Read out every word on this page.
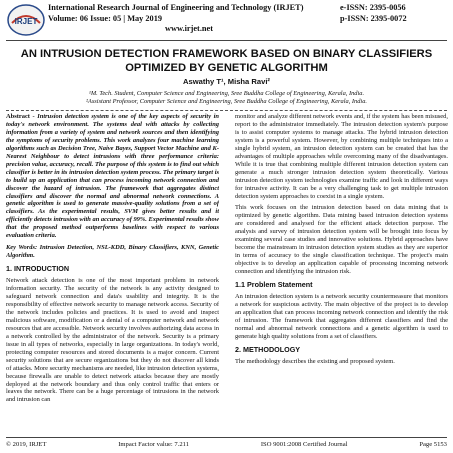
IRJET
International Research Journal of Engineering and Technology (IRJET)
Volume: 06 Issue: 05 | May 2019
www.irjet.net
e-ISSN: 2395-0056
p-ISSN: 2395-0072
AN INTRUSION DETECTION FRAMEWORK BASED ON BINARY CLASSIFIERS OPTIMIZED BY GENETIC ALGORITHM
Aswathy T¹, Misha Ravi²
¹M. Tech. Student, Computer Science and Engineering, Sree Buddha College of Engineering, Kerala, India.
²Assistant Professor, Computer Science and Engineering, Sree Buddha College of Engineering, Kerala, India.

Abstract - Intrusion detection system is one of the key aspects of security in today's network environment. The systems deal with attacks by collecting information from a variety of system and network sources and then identifying the symptoms of security problems. This work analyzes four machine learning algorithms such as Decision Tree, Naive Bayes, Support Vector Machine and K-Nearest Neighbour to detect intrusions with three performance criteria: precision value, accuracy, recall. The purpose of this system is to find out which classifier is better in its intrusion detection system process. The primary target is to build up an application that can process incoming network connection and discover the hazard of intrusion. The framework that aggregates distinct classifiers and discover the normal and abnormal network connections. A genetic algorithm is used to generate massive-quality solutions from a set of classifiers. As the experimental results, SVM gives better results and it efficiently detects intrusion with an accuracy of 99%. Experimental results show that the proposed method outperforms baselines with respect to various evaluation criteria.

Key Words: Intrusion Detection, NSL-KDD, Binary Classifiers, KNN, Genetic Algorithm.

1. INTRODUCTION

Network attack detection is one of the most important problem in network information security. The security of the network is any activity designed to safeguard network connection and data's usability and integrity. It is the responsibility of effective network security to manage network access. Security of the network includes policies and practices. It is used to avoid and inspect malicious software, modification or a denial of a computer network and network resources that are accessible. Network security involves authorizing data access in a network controlled by the administrator of the network. Security is a primary issue in all types of networks, especially in large organizations. In today's world, protecting computer resources and stored documents is a major concern. Current security solutions that are secure organizations but they do not discover all kinds of attacks. More security mechanisms are needed, like intrusion detection systems, because firewalls are unable to detect network attacks because they are mostly deployed at the network boundary and thus only control traffic that enters or leaves the network. There can be a huge percentage of intrusions in the network and intrusion can

monitor and analyze different network events and, if the system has been misused, report to the administrator immediately. The intrusion detection system's purpose is to assist computer systems to manage attacks. The hybrid intrusion detection system is a powerful system. However, by combining multiple techniques into a single hybrid system, an intrusion detection system can be created that has the advantages of multiple approaches while overcoming many of the disadvantages. While it is true that combining multiple different intrusion detection system can generate a much stronger intrusion detection system theoretically. Various intrusion detection system technologies examine traffic and look in different ways for intrusive activity. It can be a very challenging task to get multiple intrusion detection system approaches to coexist in a single system.

This work focuses on the intrusion detection based on data mining that is optimized by genetic algorithm. Data mining based intrusion detection systems are considered and analysed for the efficient attack detection purpose. The analysis and survey of intrusion detection system will be brought into focus by examining several case studies and innovative solutions. Hybrid approaches have become the mainstream in intrusion detection system studies as they are superior in terms of accuracy to the single classification technique. The project's main objective is to develop an application capable of processing incoming network connection and identifying the intrusion risk.

1.1 Problem Statement

An intrusion detection system is a network security countermeasure that monitors a network for suspicious activity. The main objective of the project is to develop an application that can process incoming network connection and identify the risk of intrusion. The framework that aggregates different classifiers and find the normal and abnormal network connections and a genetic algorithm is used to generate high quality solutions from a set of classifiers.

2. METHODOLOGY

The methodology describes the existing and proposed system.

© 2019, IRJET	Impact Factor value: 7.211	ISO 9001:2008 Certified Journal	Page 5153
